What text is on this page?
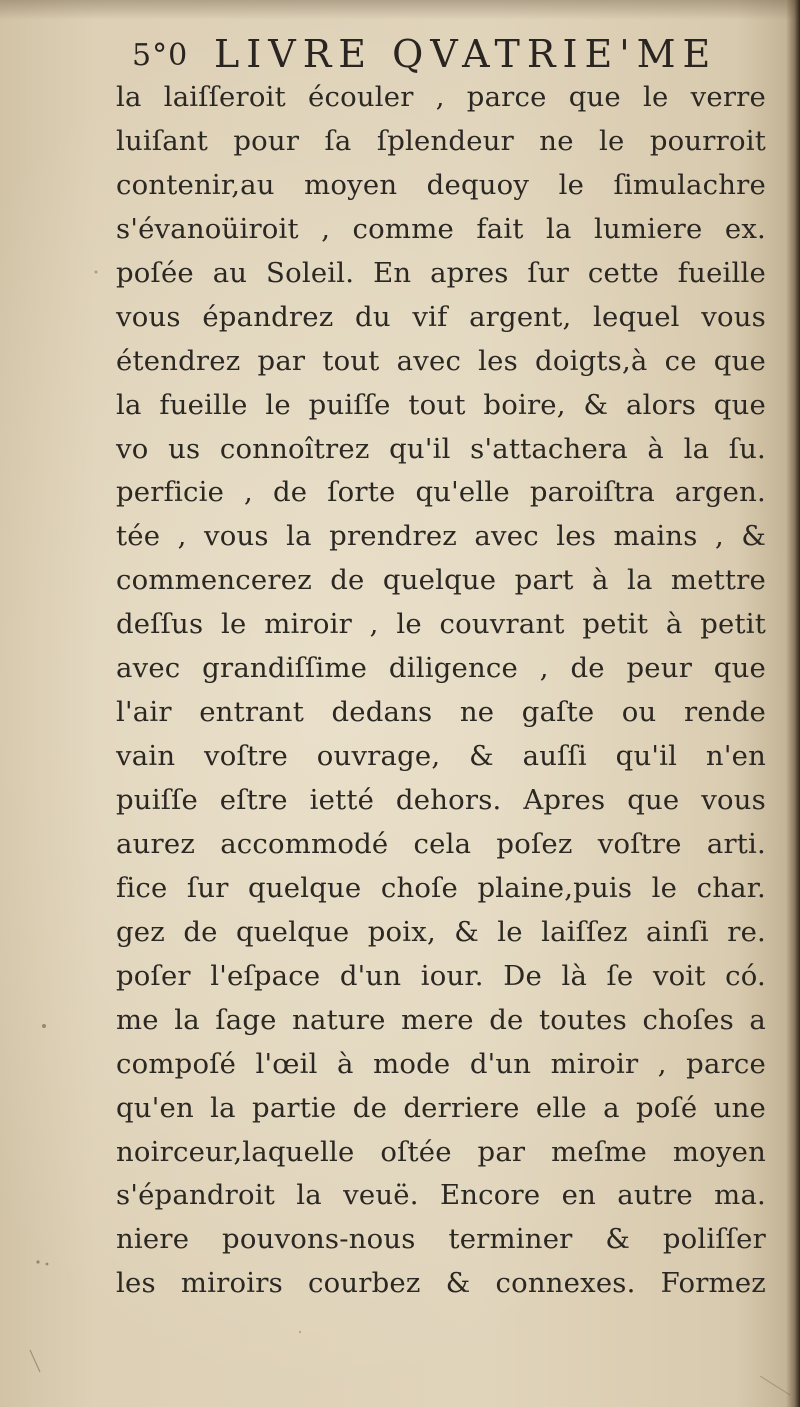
5°0 LIVRE QVATRIE'ME
la laiſſeroit écouler , parce que le verre
luiſant pour ſa ſplendeur ne le pourroit
contenir,au moyen dequoy le ſimulachre
s'évanoüiroit , comme fait la lumiere ex.
poſée au Soleil. En apres ſur cette fueille
vous épandrez du vif argent, lequel vous
étendrez par tout avec les doigts,à ce que
la fueille le puiſſe tout boire, & alors que
vo us connoîtrez qu'il s'attachera à la ſu.
perficie , de ſorte qu'elle paroiſtra argen.
tée , vous la prendrez avec les mains , &
commencerez de quelque part à la mettre
deſſus le miroir , le couvrant petit à petit
avec grandiſſime diligence , de peur que
l'air entrant dedans ne gaſte ou rende
vain voſtre ouvrage, & auſſi qu'il n'en
puiſſe eſtre ietté dehors. Apres que vous
aurez accommodé cela poſez voſtre arti.
fice ſur quelque choſe plaine,puis le char.
gez de quelque poix, & le laiſſez ainſi re.
poſer l'eſpace d'un iour. De là ſe voit có.
me la ſage nature mere de toutes choſes a
compoſé l'œil à mode d'un miroir , parce
qu'en la partie de derriere elle a poſé une
noirceur,laquelle oſtée par meſme moyen
s'épandroit la veuë. Encore en autre ma.
niere pouvons-nous terminer & poliſſer
les miroirs courbez & connexes. Formez
